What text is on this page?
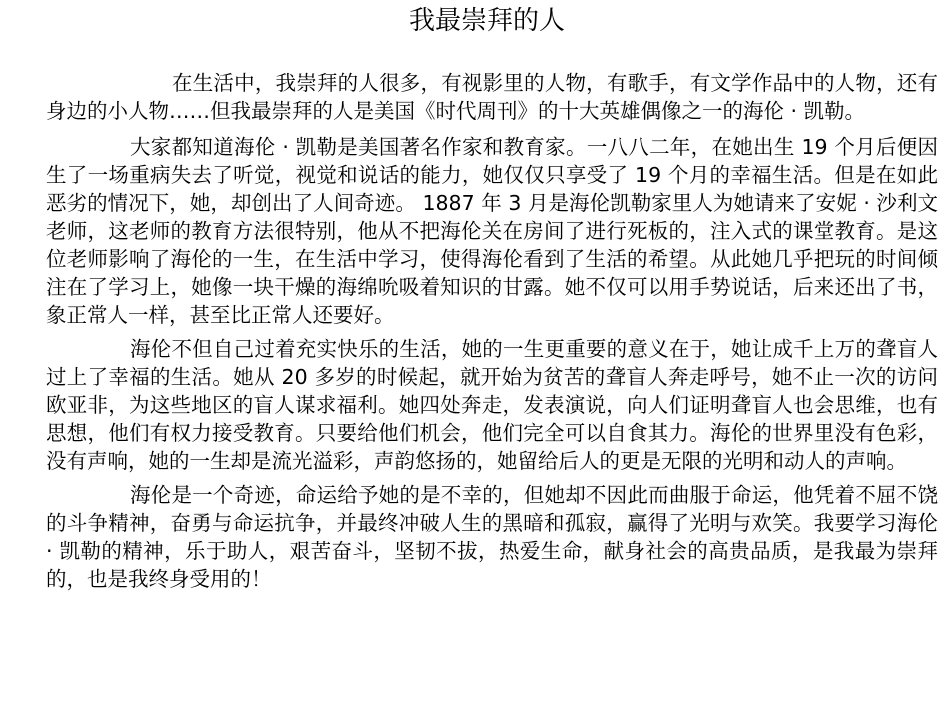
我最崇拜的人

在生活中，我崇拜的人很多，有视影里的人物，有歌手，有文学作品中的人物，还有身边的小人物……但我最崇拜的人是美国《时代周刊》的十大英雄偶像之一的海伦 · 凯勒。

大家都知道海伦 · 凯勒是美国著名作家和教育家。一八八二年，在她出生 19 个月后便因生了一场重病失去了听觉，视觉和说话的能力，她仅仅只享受了 19 个月的幸福生活。但是在如此恶劣的情况下，她，却创出了人间奇迹。 1887 年 3 月是海伦凯勒家里人为她请来了安妮 · 沙利文老师，这老师的教育方法很特别，他从不把海伦关在房间了进行死板的，注入式的课堂教育。是这位老师影响了海伦的一生，在生活中学习，使得海伦看到了生活的希望。从此她几乎把玩的时间倾注在了学习上，她像一块干燥的海绵吮吸着知识的甘露。她不仅可以用手势说话，后来还出了书，象正常人一样，甚至比正常人还要好。

海伦不但自己过着充实快乐的生活，她的一生更重要的意义在于，她让成千上万的聋盲人过上了幸福的生活。她从 20 多岁的时候起，就开始为贫苦的聋盲人奔走呼号，她不止一次的访问欧亚非，为这些地区的盲人谋求福利。她四处奔走，发表演说，向人们证明聋盲人也会思维，也有思想，他们有权力接受教育。只要给他们机会，他们完全可以自食其力。海伦的世界里没有色彩，没有声响，她的一生却是流光溢彩，声韵悠扬的，她留给后人的更是无限的光明和动人的声响。

海伦是一个奇迹，命运给予她的是不幸的，但她却不因此而曲服于命运，他凭着不屈不饶的斗争精神，奋勇与命运抗争，并最终冲破人生的黑暗和孤寂，赢得了光明与欢笑。我要学习海伦 · 凯勒的精神，乐于助人，艰苦奋斗，坚韧不拔，热爱生命，献身社会的高贵品质，是我最为崇拜的，也是我终身受用的！
